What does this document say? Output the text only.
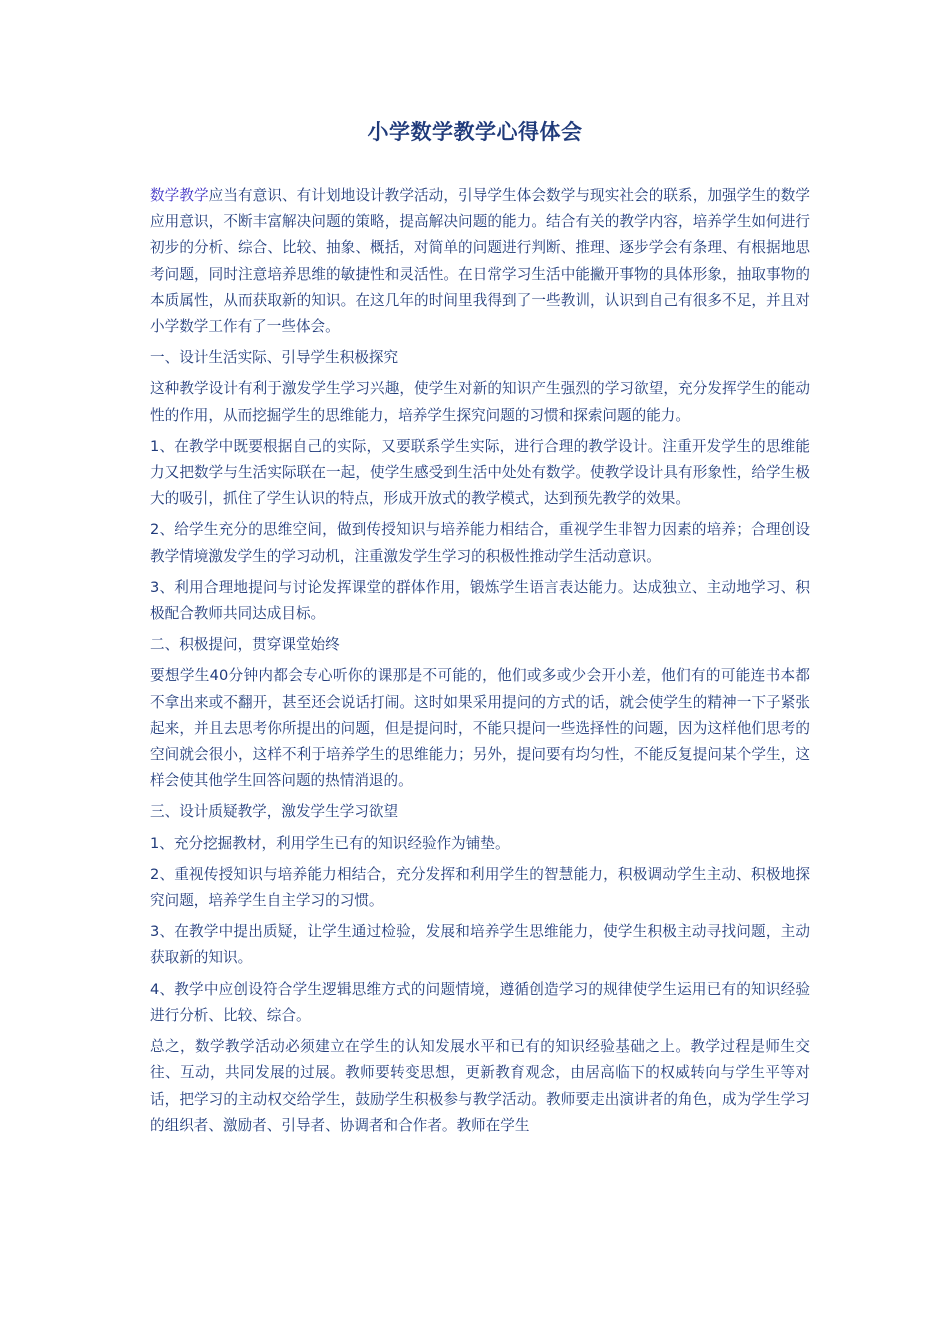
小学数学教学心得体会

数学教学应当有意识、有计划地设计教学活动，引导学生体会数学与现实社会的联系，加强学生的数学应用意识，不断丰富解决问题的策略，提高解决问题的能力。结合有关的教学内容，培养学生如何进行初步的分析、综合、比较、抽象、概括，对简单的问题进行判断、推理、逐步学会有条理、有根据地思考问题，同时注意培养思维的敏捷性和灵活性。在日常学习生活中能撇开事物的具体形象，抽取事物的本质属性，从而获取新的知识。在这几年的时间里我得到了一些教训，认识到自己有很多不足，并且对小学数学工作有了一些体会。

一、设计生活实际、引导学生积极探究

这种教学设计有利于激发学生学习兴趣，使学生对新的知识产生强烈的学习欲望，充分发挥学生的能动性的作用，从而挖掘学生的思维能力，培养学生探究问题的习惯和探索问题的能力。

1、在教学中既要根据自己的实际，又要联系学生实际，进行合理的教学设计。注重开发学生的思维能力又把数学与生活实际联在一起，使学生感受到生活中处处有数学。使教学设计具有形象性，给学生极大的吸引，抓住了学生认识的特点，形成开放式的教学模式，达到预先教学的效果。

2、给学生充分的思维空间，做到传授知识与培养能力相结合，重视学生非智力因素的培养；合理创设教学情境激发学生的学习动机，注重激发学生学习的积极性推动学生活动意识。

3、利用合理地提问与讨论发挥课堂的群体作用，锻炼学生语言表达能力。达成独立、主动地学习、积极配合教师共同达成目标。

二、积极提问，贯穿课堂始终

要想学生40分钟内都会专心听你的课那是不可能的，他们或多或少会开小差，他们有的可能连书本都不拿出来或不翻开，甚至还会说话打闹。这时如果采用提问的方式的话，就会使学生的精神一下子紧张起来，并且去思考你所提出的问题，但是提问时，不能只提问一些选择性的问题，因为这样他们思考的空间就会很小，这样不利于培养学生的思维能力；另外，提问要有均匀性，不能反复提问某个学生，这样会使其他学生回答问题的热情消退的。

三、设计质疑教学，激发学生学习欲望

1、充分挖掘教材，利用学生已有的知识经验作为铺垫。

2、重视传授知识与培养能力相结合，充分发挥和利用学生的智慧能力，积极调动学生主动、积极地探究问题，培养学生自主学习的习惯。

3、在教学中提出质疑，让学生通过检验，发展和培养学生思维能力，使学生积极主动寻找问题，主动获取新的知识。

4、教学中应创设符合学生逻辑思维方式的问题情境，遵循创造学习的规律使学生运用已有的知识经验进行分析、比较、综合。

总之，数学教学活动必须建立在学生的认知发展水平和已有的知识经验基础之上。教学过程是师生交往、互动，共同发展的过展。教师要转变思想，更新教育观念，由居高临下的权威转向与学生平等对话，把学习的主动权交给学生，鼓励学生积极参与教学活动。教师要走出演讲者的角色，成为学生学习的组织者、激励者、引导者、协调者和合作者。教师在学生
